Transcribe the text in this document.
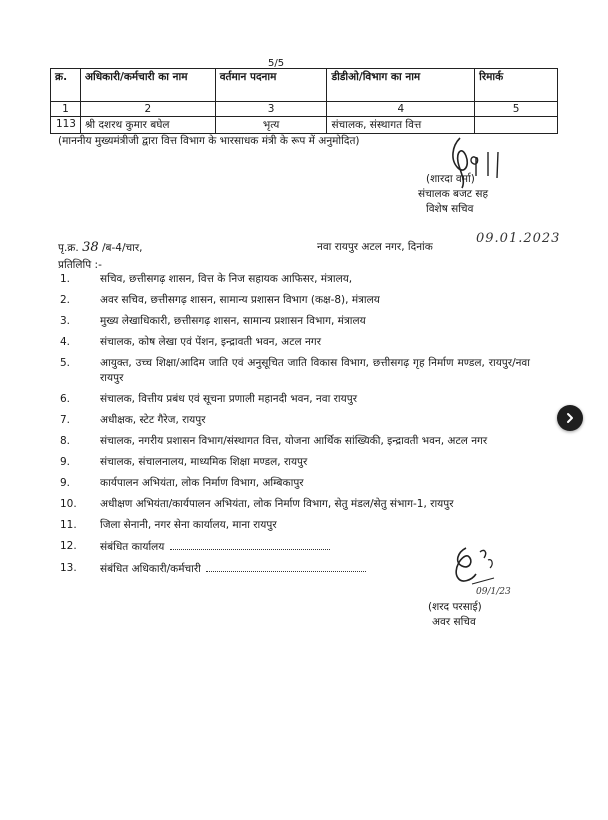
5/5
क्र.	अधिकारी/कर्मचारी का नाम	वर्तमान पदनाम	डीडीओ/विभाग का नाम	रिमार्क
1	2	3	4	5
113	श्री दशरथ कुमार बघेल	भृत्य	संचालक, संस्थागत वित्त	
(माननीय मुख्यमंत्रीजी द्वारा वित्त विभाग के भारसाधक मंत्री के रूप में अनुमोदित)
(शारदा वर्मा)
संचालक बजट सह
विशेष सचिव
पृ.क्र. 38 /ब-4/चार,	नवा रायपुर अटल नगर, दिनांक
09.01.2023
प्रतिलिपि :-
1.	सचिव, छत्तीसगढ़ शासन, वित्त के निज सहायक आफिसर, मंत्रालय,
2.	अवर सचिव, छत्तीसगढ़ शासन, सामान्य प्रशासन विभाग (कक्ष-8), मंत्रालय
3.	मुख्य लेखाधिकारी, छत्तीसगढ़ शासन, सामान्य प्रशासन विभाग, मंत्रालय
4.	संचालक, कोष लेखा एवं पेंशन, इन्द्रावती भवन, अटल नगर
5.	आयुक्त, उच्च शिक्षा/आदिम जाति एवं अनुसूचित जाति विकास विभाग, छत्तीसगढ़ गृह निर्माण मण्डल, रायपुर/नवा रायपुर
6.	संचालक, वित्तीय प्रबंध एवं सूचना प्रणाली महानदी भवन, नवा रायपुर
7.	अधीक्षक, स्टेट गैरेज, रायपुर
8.	संचालक, नगरीय प्रशासन विभाग/संस्थागत वित्त, योजना आर्थिक सांख्यिकी, इन्द्रावती भवन, अटल नगर
9.	संचालक, संचालनालय, माध्यमिक शिक्षा मण्डल, रायपुर
9.	कार्यपालन अभियंता, लोक निर्माण विभाग, अम्बिकापुर
10.	अधीक्षण अभियंता/कार्यपालन अभियंता, लोक निर्माण विभाग, सेतु मंडल/सेतु संभाग-1, रायपुर
11.	जिला सेनानी, नगर सेना कार्यालय, माना रायपुर
12.	संबंधित कार्यालय
13.	संबंधित अधिकारी/कर्मचारी
09/1/23
(शरद परसाई)
अवर सचिव
